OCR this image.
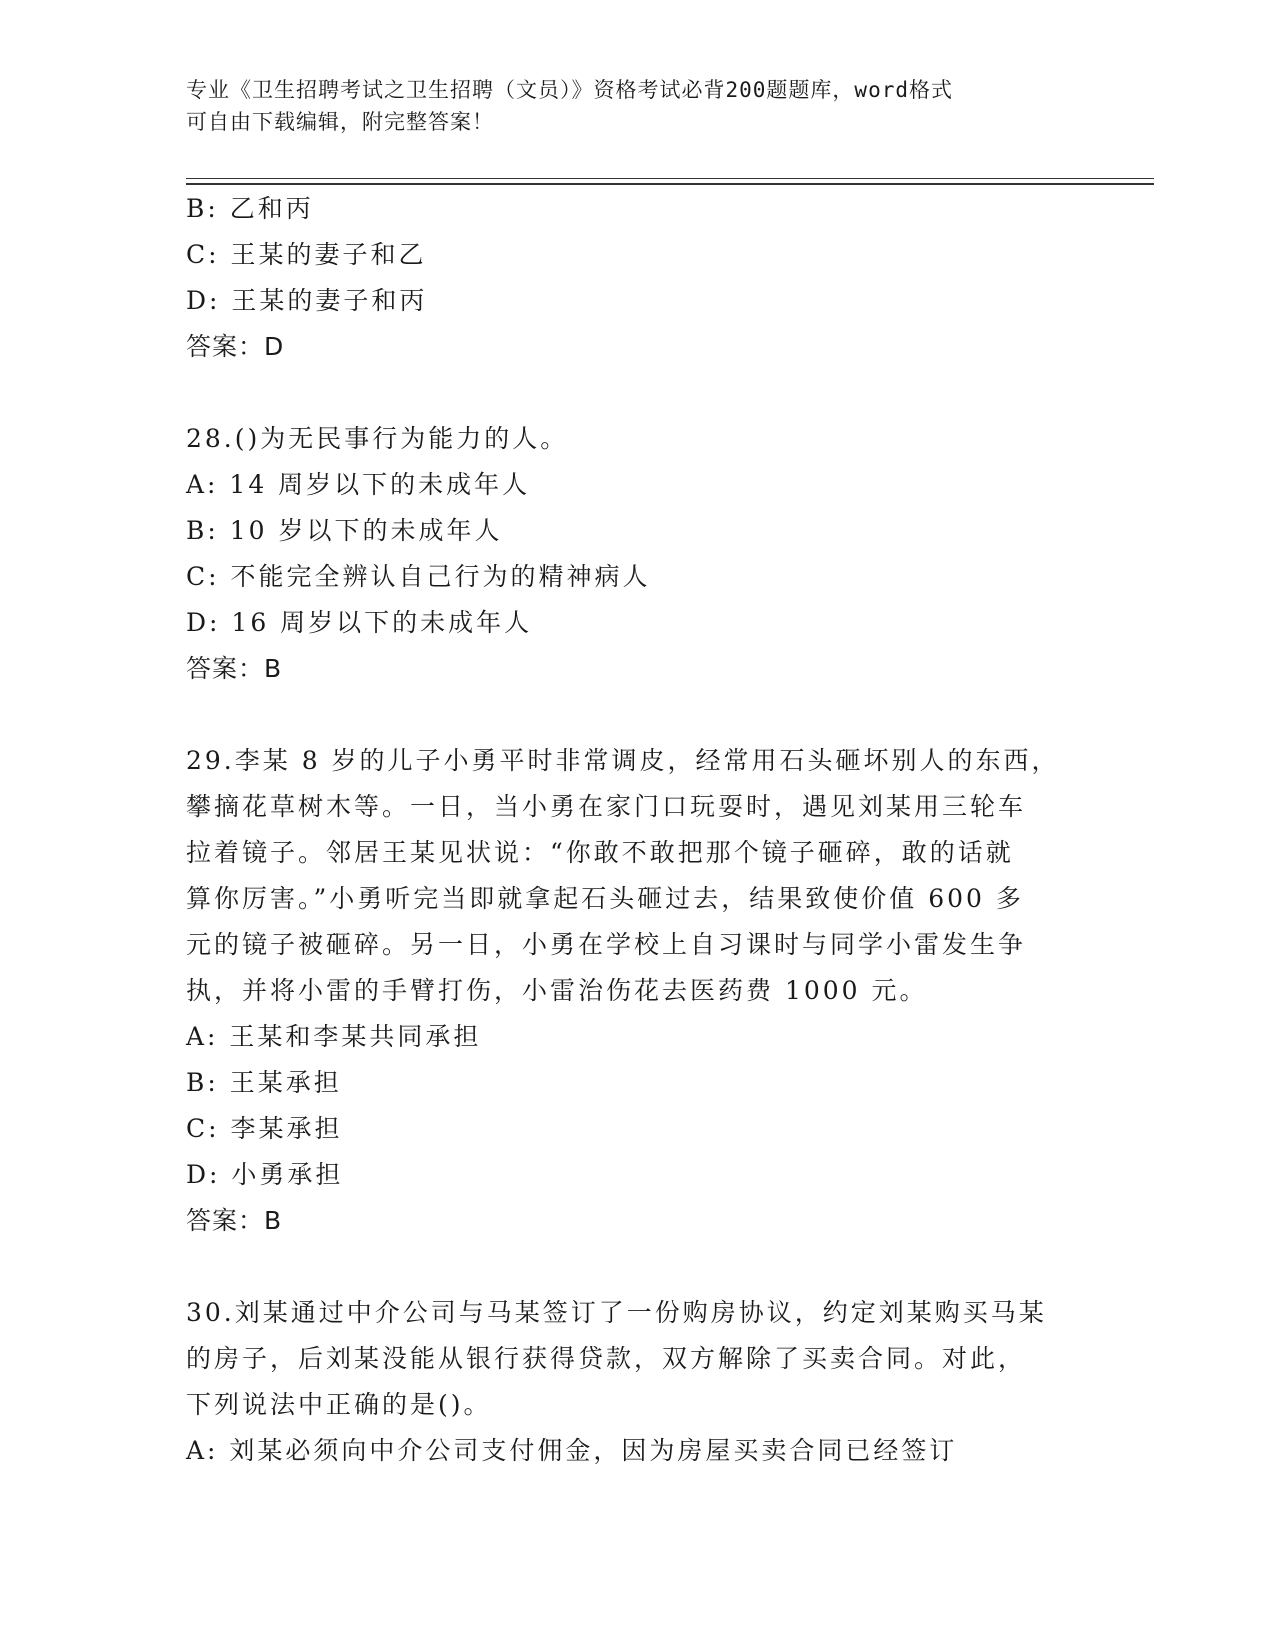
专业《卫生招聘考试之卫生招聘（文员）》资格考试必背200题题库，word格式
可自由下载编辑，附完整答案！
B: 乙和丙
C: 王某的妻子和乙
D: 王某的妻子和丙
答案：D
28.()为无民事行为能力的人。
A: 14 周岁以下的未成年人
B: 10 岁以下的未成年人
C: 不能完全辨认自己行为的精神病人
D: 16 周岁以下的未成年人
答案：B
29.李某 8 岁的儿子小勇平时非常调皮，经常用石头砸坏别人的东西，
攀摘花草树木等。一日，当小勇在家门口玩耍时，遇见刘某用三轮车
拉着镜子。邻居王某见状说：“你敢不敢把那个镜子砸碎，敢的话就
算你厉害。”小勇听完当即就拿起石头砸过去，结果致使价值 600 多
元的镜子被砸碎。另一日，小勇在学校上自习课时与同学小雷发生争
执，并将小雷的手臂打伤，小雷治伤花去医药费 1000 元。
A: 王某和李某共同承担
B: 王某承担
C: 李某承担
D: 小勇承担
答案：B
30.刘某通过中介公司与马某签订了一份购房协议，约定刘某购买马某
的房子，后刘某没能从银行获得贷款，双方解除了买卖合同。对此，
下列说法中正确的是()。
A: 刘某必须向中介公司支付佣金，因为房屋买卖合同已经签订
